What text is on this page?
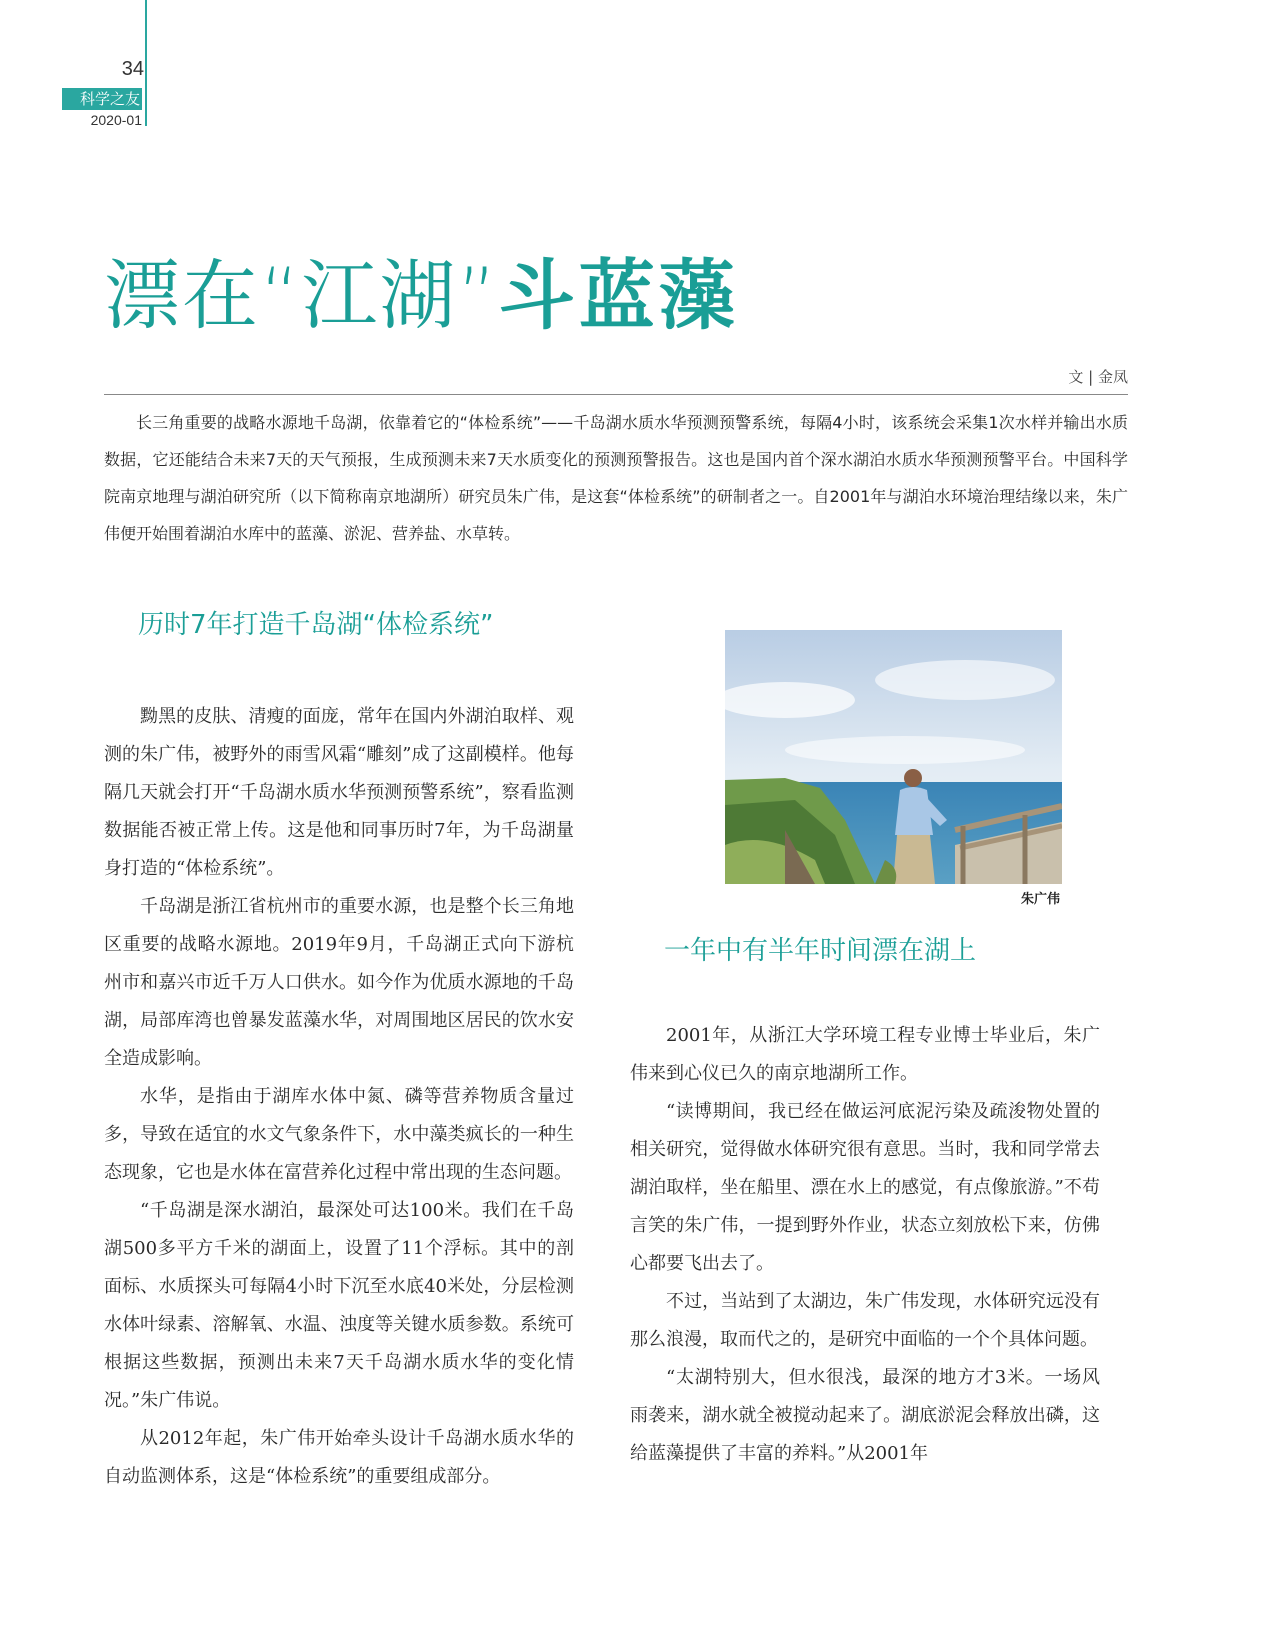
34
科学之友
2020-01
漂在“江湖”斗蓝藻
文 | 金凤

长三角重要的战略水源地千岛湖，依靠着它的“体检系统”——千岛湖水质水华预测预警系统，每隔4小时，该系统会采集1次水样并输出水质数据，它还能结合未来7天的天气预报，生成预测未来7天水质变化的预测预警报告。这也是国内首个深水湖泊水质水华预测预警平台。中国科学院南京地理与湖泊研究所（以下简称南京地湖所）研究员朱广伟，是这套“体检系统”的研制者之一。自2001年与湖泊水环境治理结缘以来，朱广伟便开始围着湖泊水库中的蓝藻、淤泥、营养盐、水草转。

历时7年打造千岛湖“体检系统”

黝黑的皮肤、清瘦的面庞，常年在国内外湖泊取样、观测的朱广伟，被野外的雨雪风霜“雕刻”成了这副模样。他每隔几天就会打开“千岛湖水质水华预测预警系统”，察看监测数据能否被正常上传。这是他和同事历时7年，为千岛湖量身打造的“体检系统”。

千岛湖是浙江省杭州市的重要水源，也是整个长三角地区重要的战略水源地。2019年9月，千岛湖正式向下游杭州市和嘉兴市近千万人口供水。如今作为优质水源地的千岛湖，局部库湾也曾暴发蓝藻水华，对周围地区居民的饮水安全造成影响。

水华，是指由于湖库水体中氮、磷等营养物质含量过多，导致在适宜的水文气象条件下，水中藻类疯长的一种生态现象，它也是水体在富营养化过程中常出现的生态问题。

“千岛湖是深水湖泊，最深处可达100米。我们在千岛湖500多平方千米的湖面上，设置了11个浮标。其中的剖面标、水质探头可每隔4小时下沉至水底40米处，分层检测水体叶绿素、溶解氧、水温、浊度等关键水质参数。系统可根据这些数据，预测出未来7天千岛湖水质水华的变化情况。”朱广伟说。

从2012年起，朱广伟开始牵头设计千岛湖水质水华的自动监测体系，这是“体检系统”的重要组成部分。

朱广伟
一年中有半年时间漂在湖上

2001年，从浙江大学环境工程专业博士毕业后，朱广伟来到心仪已久的南京地湖所工作。

“读博期间，我已经在做运河底泥污染及疏浚物处置的相关研究，觉得做水体研究很有意思。当时，我和同学常去湖泊取样，坐在船里、漂在水上的感觉，有点像旅游。”不苟言笑的朱广伟，一提到野外作业，状态立刻放松下来，仿佛心都要飞出去了。

不过，当站到了太湖边，朱广伟发现，水体研究远没有那么浪漫，取而代之的，是研究中面临的一个个具体问题。

“太湖特别大，但水很浅，最深的地方才3米。一场风雨袭来，湖水就全被搅动起来了。湖底淤泥会释放出磷，这给蓝藻提供了丰富的养料。”从2001年
